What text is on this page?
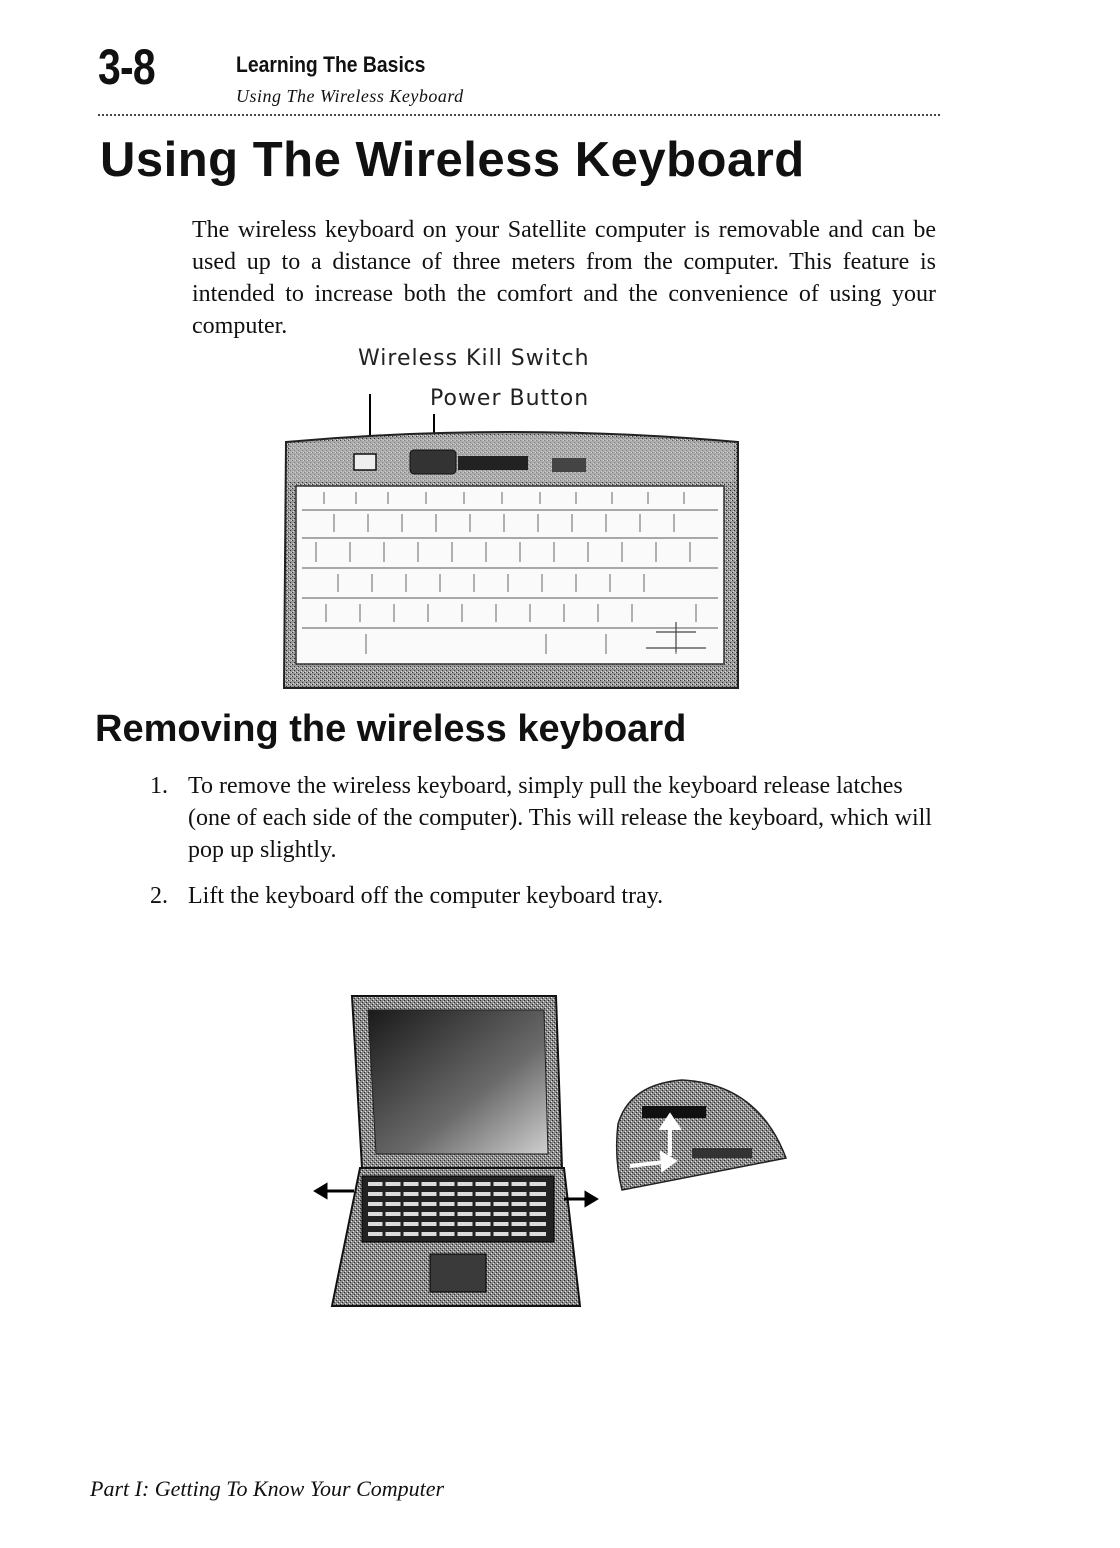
3-8	Learning The Basics
Using The Wireless Keyboard
Using The Wireless Keyboard

The wireless keyboard on your Satellite computer is removable and can be used up to a distance of three meters from the computer. This feature is intended to increase both the comfort and the convenience of using your computer.

Wireless Kill Switch
Power Button
Removing the wireless keyboard
1. To remove the wireless keyboard, simply pull the keyboard release latches (one of each side of the computer). This will release the keyboard, which will pop up slightly.
2. Lift the keyboard off the computer keyboard tray.
Part I: Getting To Know Your Computer
